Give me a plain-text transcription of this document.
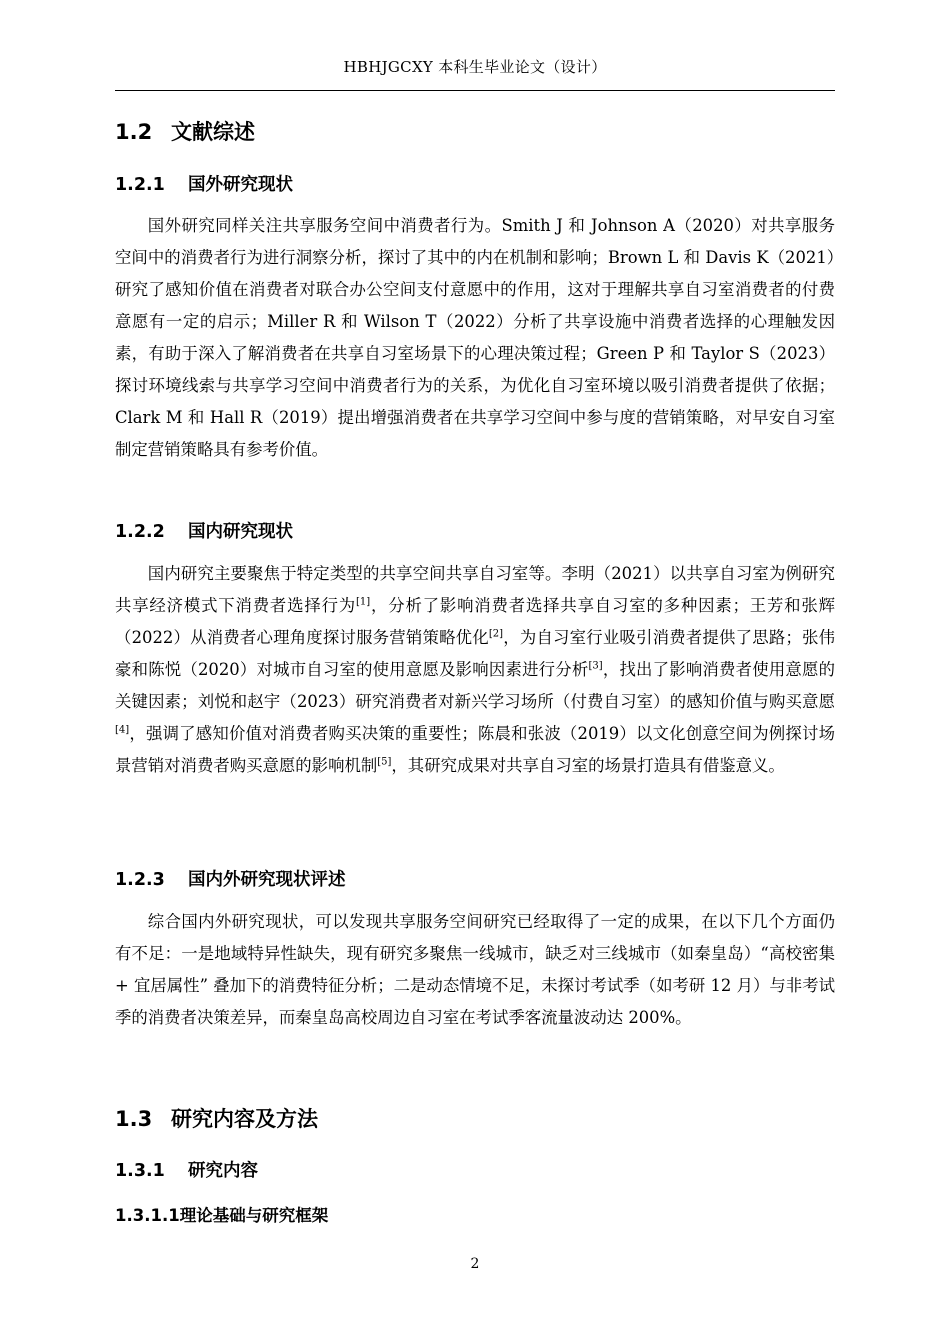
HBHJGCXY 本科生毕业论文（设计）
1.2 文献综述
1.2.1 国外研究现状

国外研究同样关注共享服务空间中消费者行为。Smith J 和 Johnson A（2020）对共享服务空间中的消费者行为进行洞察分析，探讨了其中的内在机制和影响；Brown L 和 Davis K（2021）研究了感知价值在消费者对联合办公空间支付意愿中的作用，这对于理解共享自习室消费者的付费意愿有一定的启示；Miller R 和 Wilson T（2022）分析了共享设施中消费者选择的心理触发因素，有助于深入了解消费者在共享自习室场景下的心理决策过程；Green P 和 Taylor S（2023）探讨环境线索与共享学习空间中消费者行为的关系，为优化自习室环境以吸引消费者提供了依据；Clark M 和 Hall R（2019）提出增强消费者在共享学习空间中参与度的营销策略，对早安自习室制定营销策略具有参考价值。

1.2.2 国内研究现状

国内研究主要聚焦于特定类型的共享空间共享自习室等。李明（2021）以共享自习室为例研究共享经济模式下消费者选择行为[1]，分析了影响消费者选择共享自习室的多种因素；王芳和张辉（2022）从消费者心理角度探讨服务营销策略优化[2]，为自习室行业吸引消费者提供了思路；张伟豪和陈悦（2020）对城市自习室的使用意愿及影响因素进行分析[3]，找出了影响消费者使用意愿的关键因素；刘悦和赵宇（2023）研究消费者对新兴学习场所（付费自习室）的感知价值与购买意愿[4]，强调了感知价值对消费者购买决策的重要性；陈晨和张波（2019）以文化创意空间为例探讨场景营销对消费者购买意愿的影响机制[5]，其研究成果对共享自习室的场景打造具有借鉴意义。

1.2.3 国内外研究现状评述

综合国内外研究现状，可以发现共享服务空间研究已经取得了一定的成果，在以下几个方面仍有不足：一是地域特异性缺失，现有研究多聚焦一线城市，缺乏对三线城市（如秦皇岛）“高校密集 + 宜居属性” 叠加下的消费特征分析；二是动态情境不足，未探讨考试季（如考研 12 月）与非考试季的消费者决策差异，而秦皇岛高校周边自习室在考试季客流量波动达 200%。

1.3 研究内容及方法
1.3.1 研究内容
1.3.1.1理论基础与研究框架
2
